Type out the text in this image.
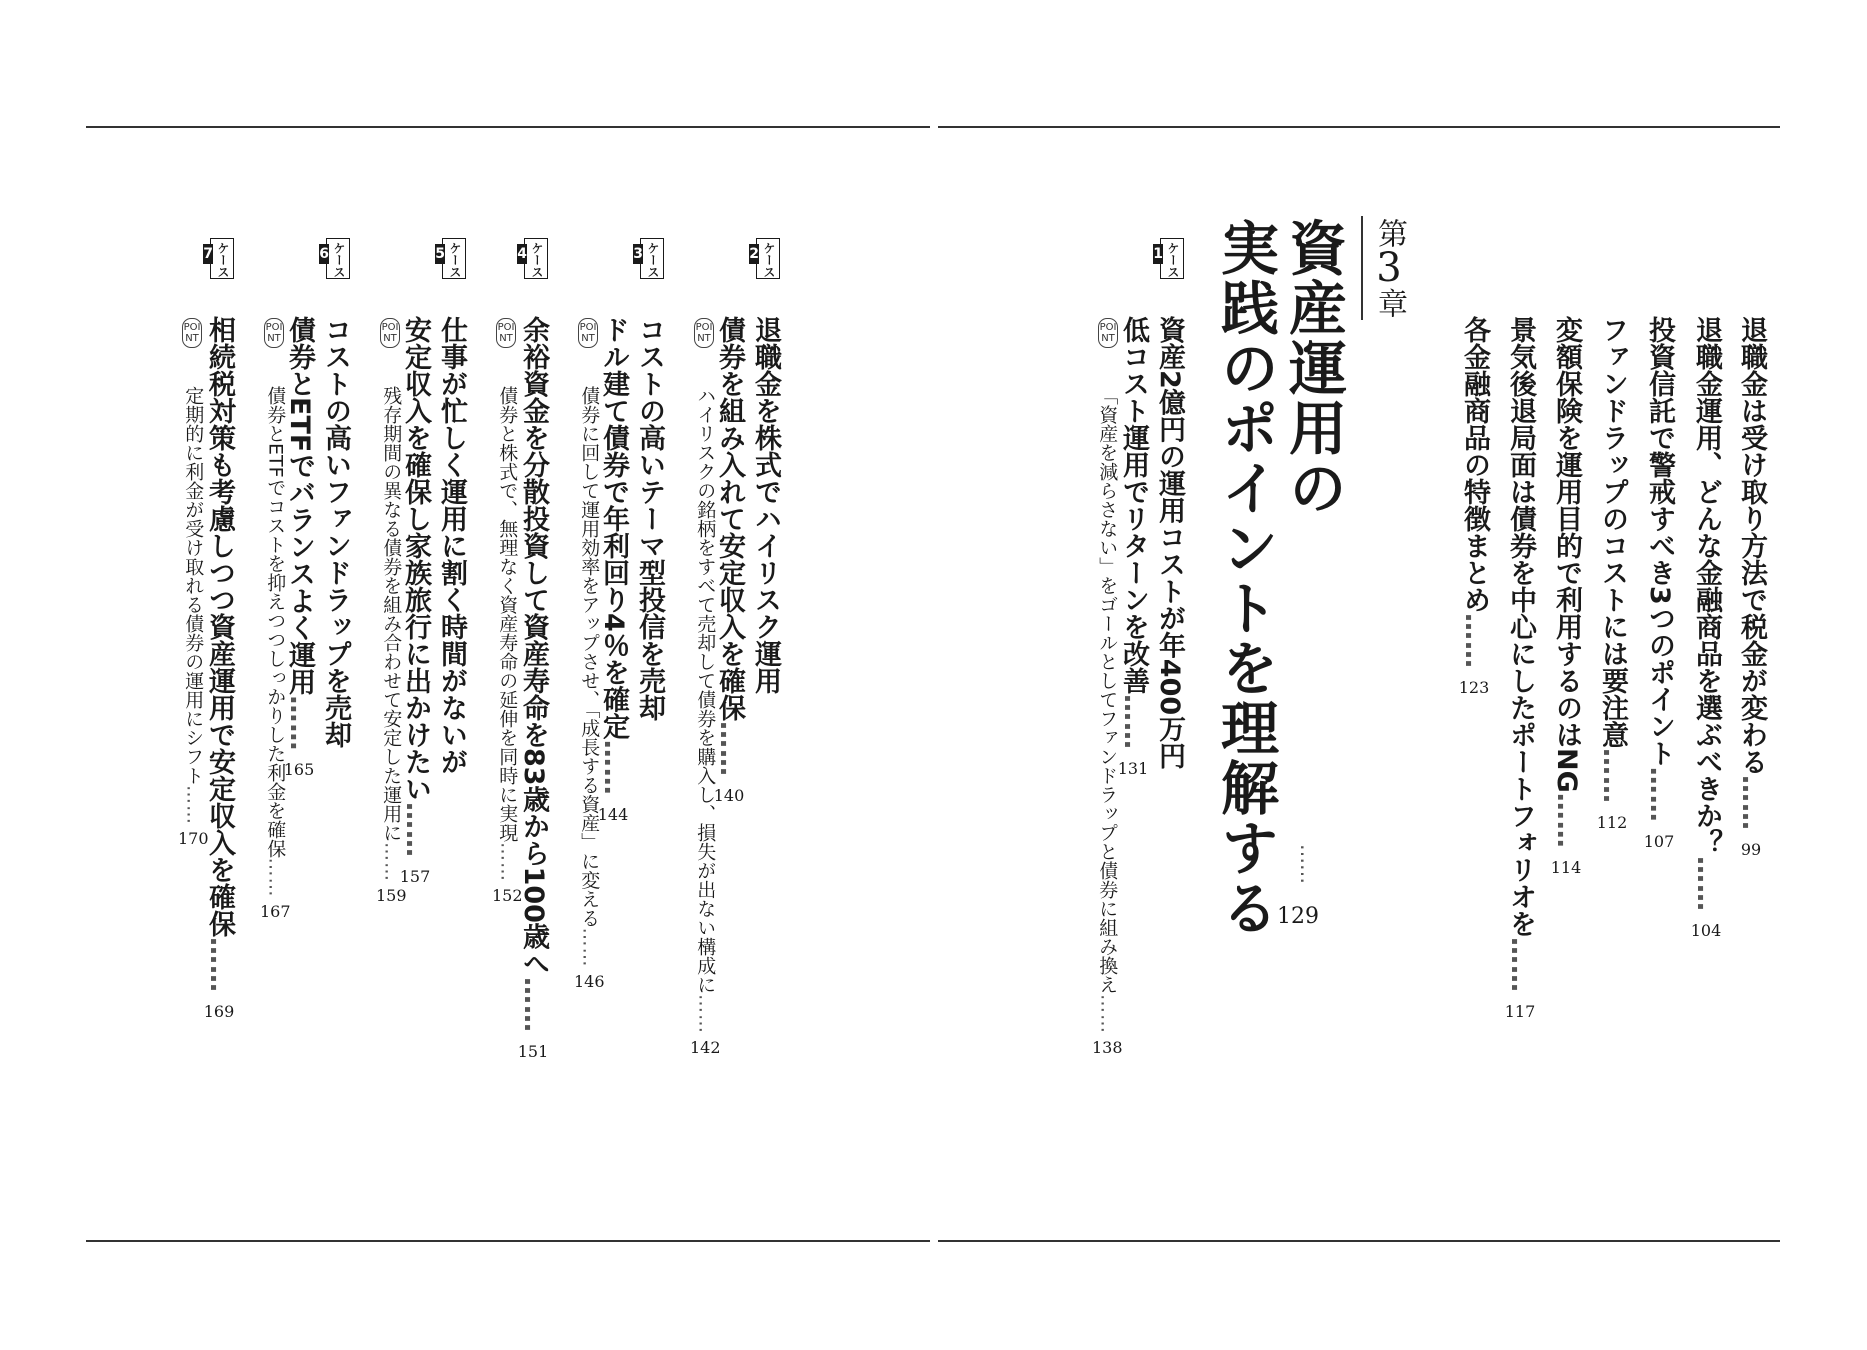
退職金は受け取り方法で税金が変わる……99
退職金運用、どんな金融商品を選ぶべきか？……104
投資信託で警戒すべき3つのポイント……107
ファンドラップのコストには要注意……112
変額保険を運用目的で利用するのはNG……114
景気後退局面は債券を中心にしたポートフォリオを……117
各金融商品の特徴まとめ……123
第3章
資産運用の
実践のポイントを理解する ……
129
ケース
1
資産2億円の運用コストが年400万円
低コスト運用でリターンを改善……131
POINT
「資産を減らさない」をゴールとしてファンドラップと債券に組み換え……138
ケース
2
退職金を株式でハイリスク運用
債券を組み入れて安定収入を確保……140
POINT
ハイリスクの銘柄をすべて売却して債券を購入し、損失が出ない構成に……142
ケース
3
コストの高いテーマ型投信を売却
ドル建て債券で年利回り4％を確定……144
POINT
債券に回して運用効率をアップさせ、「成長する資産」に変える……146
ケース
4
余裕資金を分散投資して資産寿命を83歳から100歳へ……151
POINT
債券と株式で、無理なく資産寿命の延伸を同時に実現……152
ケース
5
仕事が忙しく運用に割く時間がないが
安定収入を確保し家族旅行に出かけたい……157
POINT
残存期間の異なる債券を組み合わせて安定した運用に……159
ケース
6
コストの高いファンドラップを売却
債券とETFでバランスよく運用……165
POINT
債券とETFでコストを抑えつつしっかりした利金を確保……167
ケース
7
相続税対策も考慮しつつ資産運用で安定収入を確保……169
POINT
定期的に利金が受け取れる債券の運用にシフト……170
